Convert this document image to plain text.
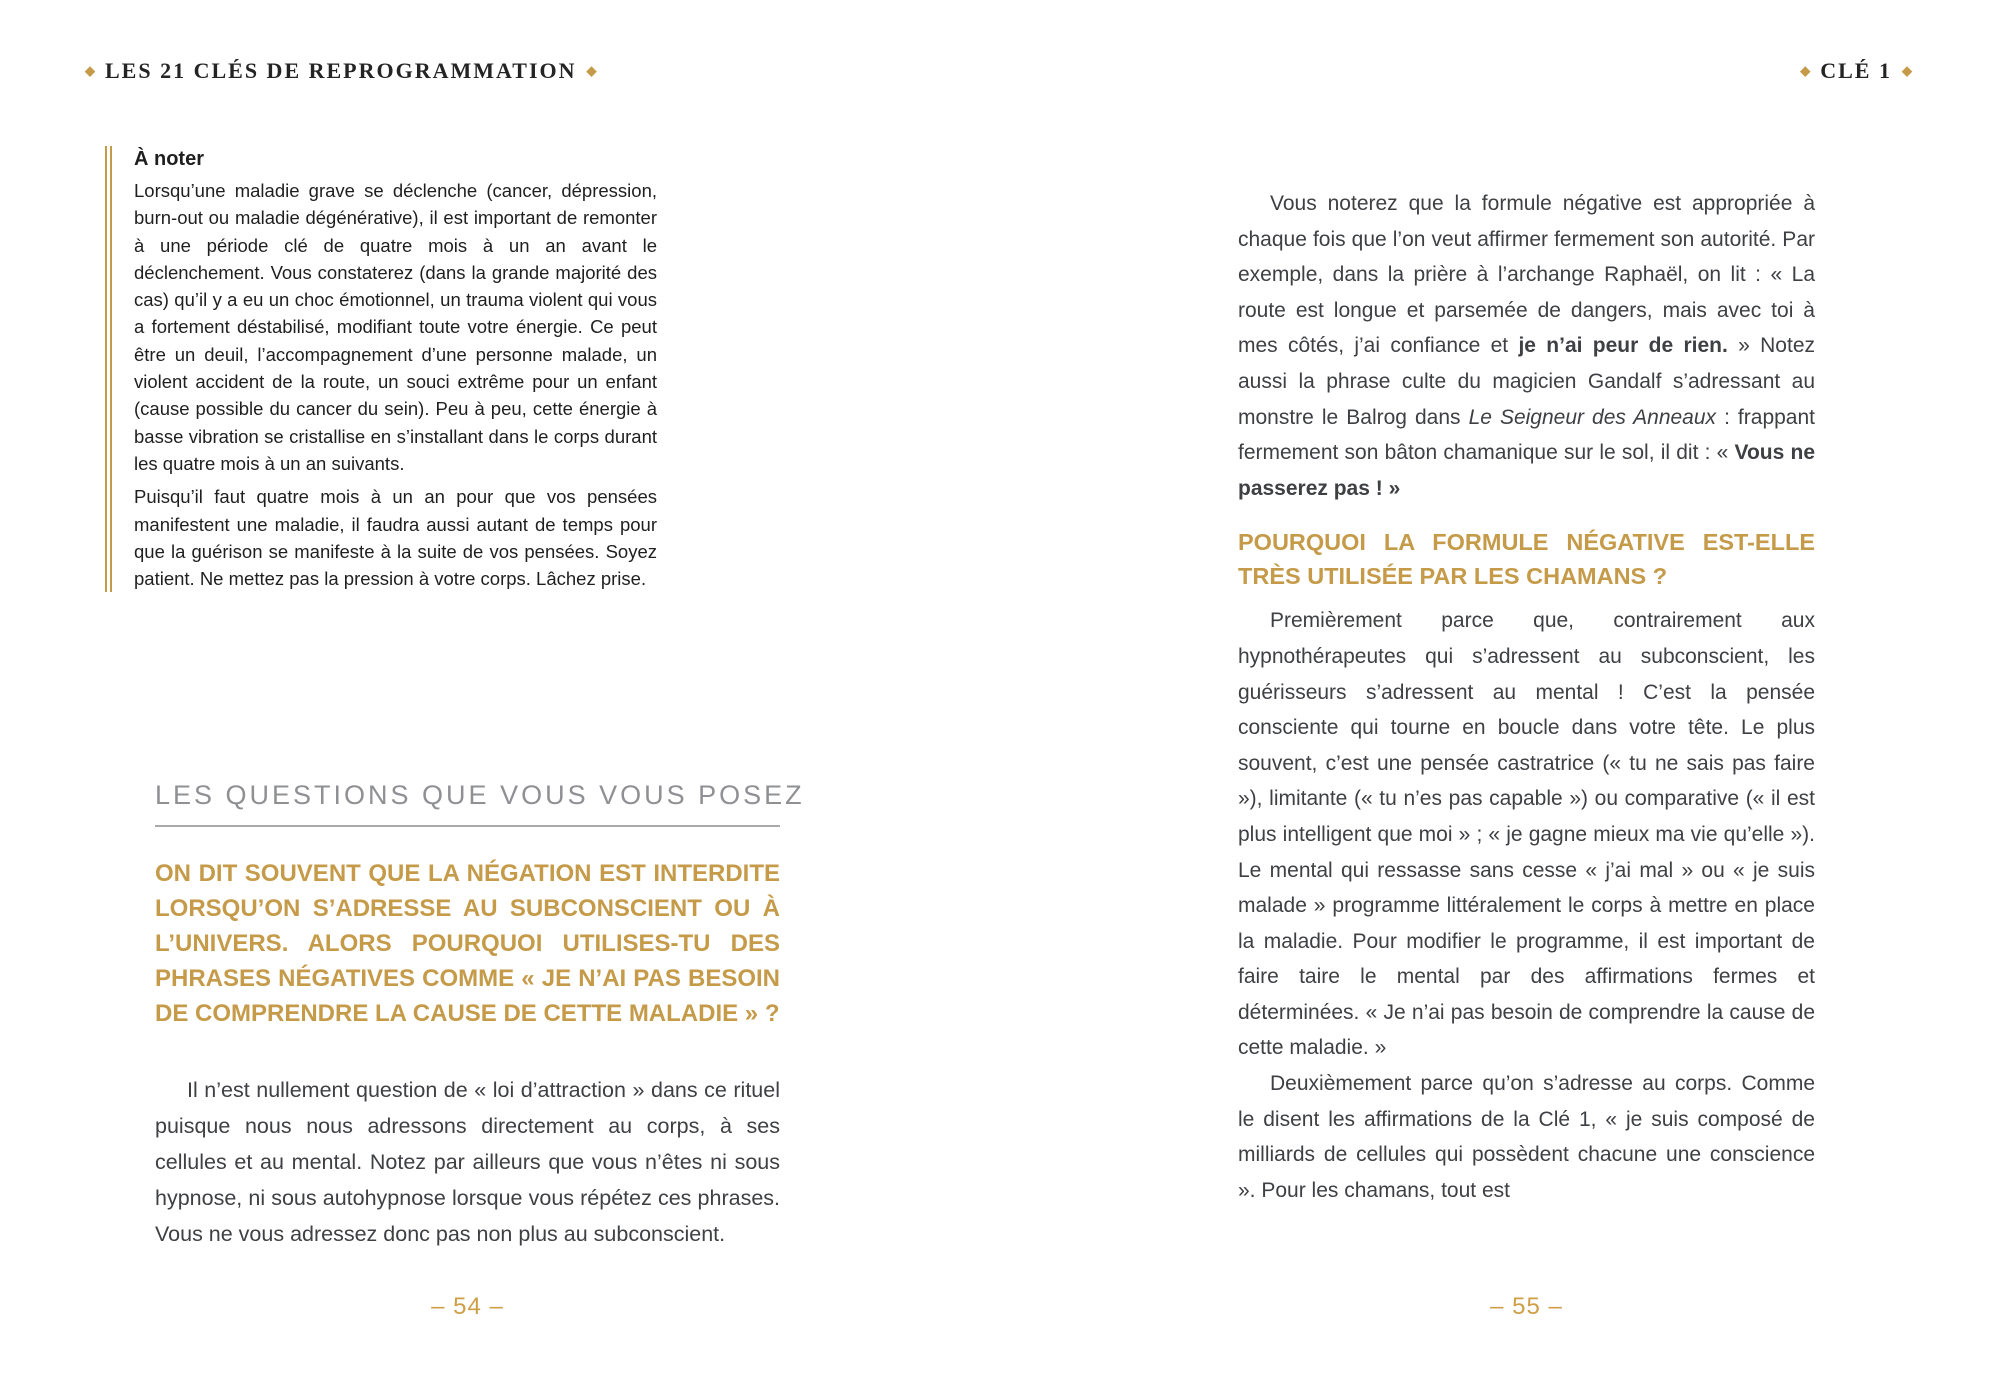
◆ LES 21 CLÉS DE REPROGRAMMATION ◆	◆ CLÉ 1 ◆
À noter

Lorsqu’une maladie grave se déclenche (cancer, dépression, burn-out ou maladie dégénérative), il est important de remonter à une période clé de quatre mois à un an avant le déclenchement. Vous constaterez (dans la grande majorité des cas) qu’il y a eu un choc émotionnel, un trauma violent qui vous a fortement déstabilisé, modifiant toute votre énergie. Ce peut être un deuil, l’accompagnement d’une personne malade, un violent accident de la route, un souci extrême pour un enfant (cause possible du cancer du sein). Peu à peu, cette énergie à basse vibration se cristallise en s’installant dans le corps durant les quatre mois à un an suivants.

Puisqu’il faut quatre mois à un an pour que vos pensées manifestent une maladie, il faudra aussi autant de temps pour que la guérison se manifeste à la suite de vos pensées. Soyez patient. Ne mettez pas la pression à votre corps. Lâchez prise.

LES QUESTIONS QUE VOUS VOUS POSEZ
ON DIT SOUVENT QUE LA NÉGATION EST INTERDITE LORSQU’ON S’ADRESSE AU SUBCONSCIENT OU À L’UNIVERS. ALORS POURQUOI UTILISES-TU DES PHRASES NÉGATIVES COMME « JE N’AI PAS BESOIN DE COMPRENDRE LA CAUSE DE CETTE MALADIE » ?

Il n’est nullement question de « loi d’attraction » dans ce rituel puisque nous nous adressons directement au corps, à ses cellules et au mental. Notez par ailleurs que vous n’êtes ni sous hypnose, ni sous autohypnose lorsque vous répétez ces phrases. Vous ne vous adressez donc pas non plus au subconscient.

– 54 –

Vous noterez que la formule négative est appropriée à chaque fois que l’on veut affirmer fermement son autorité. Par exemple, dans la prière à l’archange Raphaël, on lit : « La route est longue et parsemée de dangers, mais avec toi à mes côtés, j’ai confiance et je n’ai peur de rien. » Notez aussi la phrase culte du magicien Gandalf s’adressant au monstre le Balrog dans Le Seigneur des Anneaux : frappant fermement son bâton chamanique sur le sol, il dit : « Vous ne passerez pas ! »

POURQUOI LA FORMULE NÉGATIVE EST-ELLE TRÈS UTILISÉE PAR LES CHAMANS ?

Premièrement parce que, contrairement aux hypnothérapeutes qui s’adressent au subconscient, les guérisseurs s’adressent au mental ! C’est la pensée consciente qui tourne en boucle dans votre tête. Le plus souvent, c’est une pensée castratrice (« tu ne sais pas faire »), limitante (« tu n’es pas capable ») ou comparative (« il est plus intelligent que moi » ; « je gagne mieux ma vie qu’elle »). Le mental qui ressasse sans cesse « j’ai mal » ou « je suis malade » programme littéralement le corps à mettre en place la maladie. Pour modifier le programme, il est important de faire taire le mental par des affirmations fermes et déterminées. « Je n’ai pas besoin de comprendre la cause de cette maladie. »

Deuxièmement parce qu’on s’adresse au corps. Comme le disent les affirmations de la Clé 1, « je suis composé de milliards de cellules qui possèdent chacune une conscience ». Pour les chamans, tout est

– 55 –
